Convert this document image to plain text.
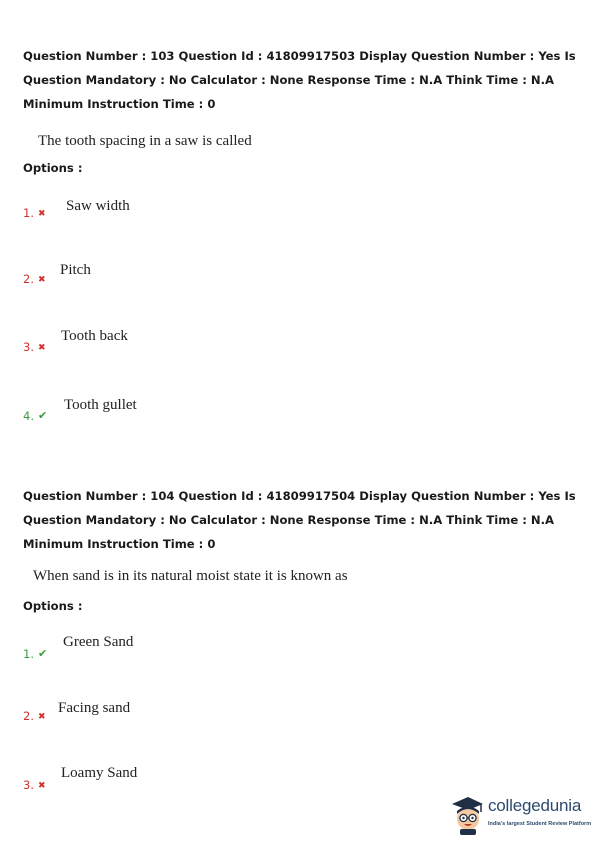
Question Number : 103 Question Id : 41809917503 Display Question Number : Yes Is Question Mandatory : No Calculator : None Response Time : N.A Think Time : N.A Minimum Instruction Time : 0
The tooth spacing in a saw is called
Options :
1. ✖ Saw width
2. ✖
Pitch
3. ✖
Tooth back
4. ✔
Tooth gullet
Question Number : 104 Question Id : 41809917504 Display Question Number : Yes Is Question Mandatory : No Calculator : None Response Time : N.A Think Time : N.A Minimum Instruction Time : 0
When sand is in its natural moist state it is known as
Options :
1. ✔
Green Sand
2. ✖
Facing sand
3. ✖
Loamy Sand
collegedunia
India's largest Student Review Platform
